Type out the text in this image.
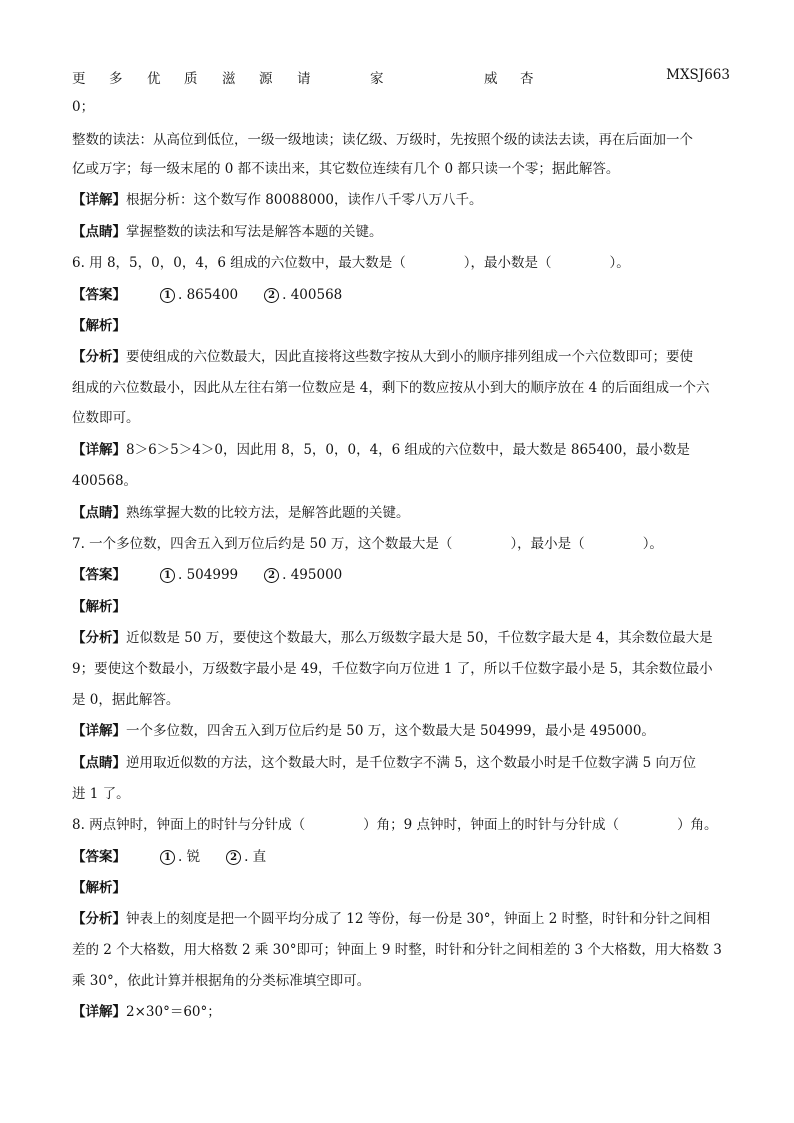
更 多 优 质 滋 源 请	家	威 杏	MXSJ663
0；
整数的读法：从高位到低位，一级一级地读；读亿级、万级时，先按照个级的读法去读，再在后面加一个
亿或万字；每一级末尾的 0 都不读出来，其它数位连续有几个 0 都只读一个零；据此解答。
【详解】根据分析：这个数写作 80088000，读作八千零八万八千。
【点睛】掌握整数的读法和写法是解答本题的关键。
6. 用 8，5，0，0，4，6 组成的六位数中，最大数是（	），最小数是（	）。
【答案】	1 . 865400	2 . 400568
【解析】
【分析】要使组成的六位数最大，因此直接将这些数字按从大到小的顺序排列组成一个六位数即可；要使
组成的六位数最小，因此从左往右第一位数应是 4，剩下的数应按从小到大的顺序放在 4 的后面组成一个六
位数即可。
【详解】8＞6＞5＞4＞0，因此用 8，5，0，0，4，6 组成的六位数中，最大数是 865400，最小数是
400568。
【点睛】熟练掌握大数的比较方法，是解答此题的关键。
7. 一个多位数，四舍五入到万位后约是 50 万，这个数最大是（	），最小是（	）。
【答案】	1 . 504999	2 . 495000
【解析】
【分析】近似数是 50 万，要使这个数最大，那么万级数字最大是 50，千位数字最大是 4，其余数位最大是
9；要使这个数最小，万级数字最小是 49，千位数字向万位进 1 了，所以千位数字最小是 5，其余数位最小
是 0，据此解答。
【详解】一个多位数，四舍五入到万位后约是 50 万，这个数最大是 504999，最小是 495000。
【点睛】逆用取近似数的方法，这个数最大时，是千位数字不满 5，这个数最小时是千位数字满 5 向万位
进 1 了。
8. 两点钟时，钟面上的时针与分针成（	）角；9 点钟时，钟面上的时针与分针成（	）角。
【答案】	1 . 锐	2 . 直
【解析】
【分析】钟表上的刻度是把一个圆平均分成了 12 等份，每一份是 30°，钟面上 2 时整，时针和分针之间相
差的 2 个大格数，用大格数 2 乘 30°即可；钟面上 9 时整，时针和分针之间相差的 3 个大格数，用大格数 3
乘 30°，依此计算并根据角的分类标准填空即可。
【详解】2×30°＝60°；
